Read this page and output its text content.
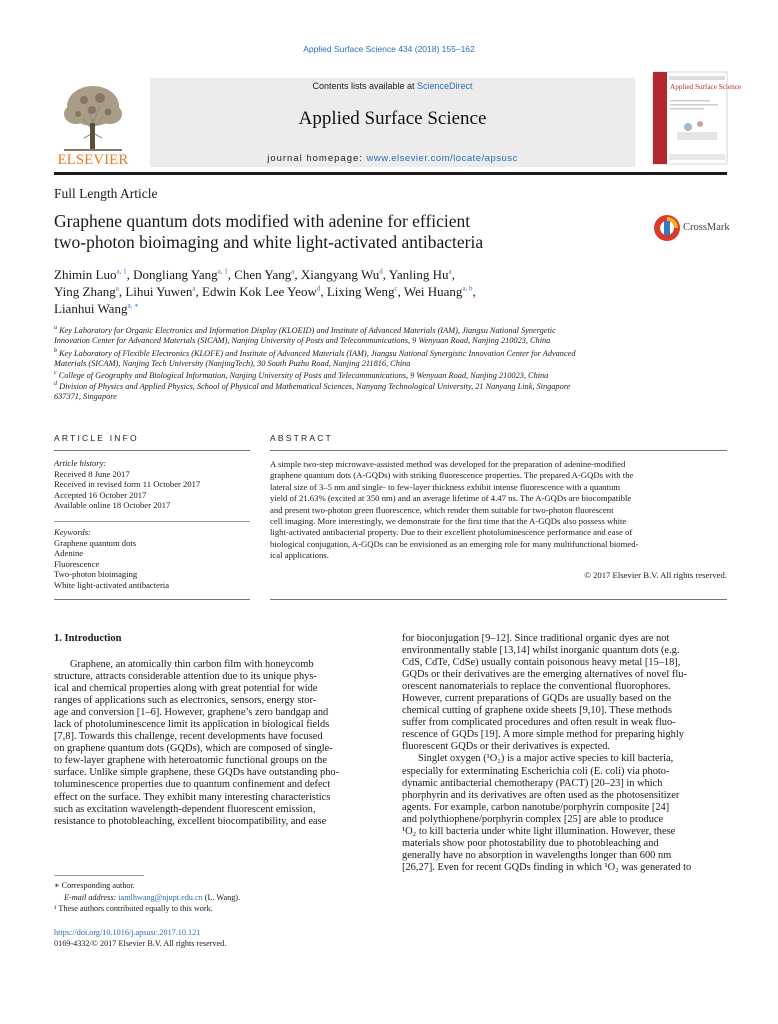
Applied Surface Science 434 (2018) 155–162
ELSEVIER
Contents lists available at ScienceDirect
Applied Surface Science
journal homepage: www.elsevier.com/locate/apsusc
Applied Surface Science
Full Length Article
Graphene quantum dots modified with adenine for efficient
two-photon bioimaging and white light-activated antibacteria
CrossMark
Zhimin Luo$^{a, 1}$, Dongliang Yang$^{a, 1}$, Chen Yang$^a$, Xiangyang Wu$^d$, Yanling Hu$^a$,
Ying Zhang$^a$, Lihui Yuwen$^a$, Edwin Kok Lee Yeow$^d$, Lixing Weng$^c$, Wei Huang$^{a, b}$,
Lianhui Wang$^{a, ∗}$
$^a$ Key Laboratory for Organic Electronics and Information Display (KLOEID) and Institute of Advanced Materials (IAM), Jiangsu National Synergetic
Innovation Center for Advanced Materials (SICAM), Nanjing University of Posts and Telecommunications, 9 Wenyuan Road, Nanjing 210023, China
$^b$ Key Laboratory of Flexible Electronics (KLOFE) and Institute of Advanced Materials (IAM), Jiangsu National Synergistic Innovation Center for Advanced
Materials (SICAM), Nanjing Tech University (NanjingTech), 30 South Puzhu Road, Nanjing 211816, China
$^c$ College of Geography and Biological Information, Nanjing University of Posts and Telecommunications, 9 Wenyuan Road, Nanjing 210023, China
$^d$ Division of Physics and Applied Physics, School of Physical and Mathematical Sciences, Nanyang Technological University, 21 Nanyang Link, Singapore
637371, Singapore
ARTICLE INFO	ABSTRACT
Article history:
Received 8 June 2017
Received in revised form 11 October 2017
Accepted 16 October 2017
Available online 18 October 2017
Keywords:
Graphene quantum dots
Adenine
Fluorescence
Two-photon bioimaging
White light-activated antibacteria
A simple two-step microwave-assisted method was developed for the preparation of adenine-modified
graphene quantum dots (A-GQDs) with striking fluorescence properties. The prepared A-GQDs with the
lateral size of 3–5 nm and single- to few-layer thickness exhibit intense fluorescence with a quantum
yield of 21.63% (excited at 350 nm) and an average lifetime of 4.47 ns. The A-GQDs are biocompatible
and present two-photon green fluorescence, which render them suitable for two-photon fluorescent
cell imaging. More interestingly, we demonstrate for the first time that the A-GQDs also possess white
light-activated antibacterial property. Due to their excellent photoluminescence performance and ease of
biological conjugation, A-GQDs can be envisioned as an emerging role for many multifunctional biomed-
ical applications.
© 2017 Elsevier B.V. All rights reserved.
1. Introduction

Graphene, an atomically thin carbon film with honeycomb

structure, attracts considerable attention due to its unique phys-

ical and chemical properties along with great potential for wide

ranges of applications such as electronics, sensors, energy stor-

age and conversion [1–6]. However, graphene’s zero bandgap and

lack of photoluminescence limit its application in biological fields

[7,8]. Towards this challenge, recent developments have focused

on graphene quantum dots (GQDs), which are composed of single-

to few-layer graphene with heteroatomic functional groups on the

surface. Unlike simple graphene, these GQDs have outstanding pho-

toluminescence properties due to quantum confinement and defect

effect on the surface. They exhibit many interesting characteristics

such as excitation wavelength-dependent fluorescent emission,

resistance to photobleaching, excellent biocompatibility, and ease

for bioconjugation [9–12]. Since traditional organic dyes are not

environmentally stable [13,14] whilst inorganic quantum dots (e.g.

CdS, CdTe, CdSe) usually contain poisonous heavy metal [15–18],

GQDs or their derivatives are the emerging alternatives of novel flu-

orescent nanomaterials to replace the conventional fluorophores.

However, current preparations of GQDs are usually based on the

chemical cutting of graphene oxide sheets [9,10]. These methods

suffer from complicated procedures and often result in weak fluo-

rescence of GQDs [19]. A more simple method for preparing highly

fluorescent GQDs or their derivatives is expected.

Singlet oxygen (¹O₂) is a major active species to kill bacteria,

especially for exterminating Escherichia coli (E. coli) via photo-

dynamic antibacterial chemotherapy (PACT) [20–23] in which

phorphyrin and its derivatives are often used as the photosensitizer

agents. For example, carbon nanotube/porphyrin composite [24]

and polythiophene/porphyrin complex [25] are able to produce

¹O₂ to kill bacteria under white light illumination. However, these

materials show poor photostability due to photobleaching and

generally have no absorption in wavelengths longer than 600 nm

[26,27]. Even for recent GQDs finding in which ¹O₂ was generated to

∗ Corresponding author.
E-mail address: iamlhwang@njupt.edu.cn (L. Wang).
¹ These authors contributed equally to this work.
https://doi.org/10.1016/j.apsusc.2017.10.121
0169-4332/© 2017 Elsevier B.V. All rights reserved.
